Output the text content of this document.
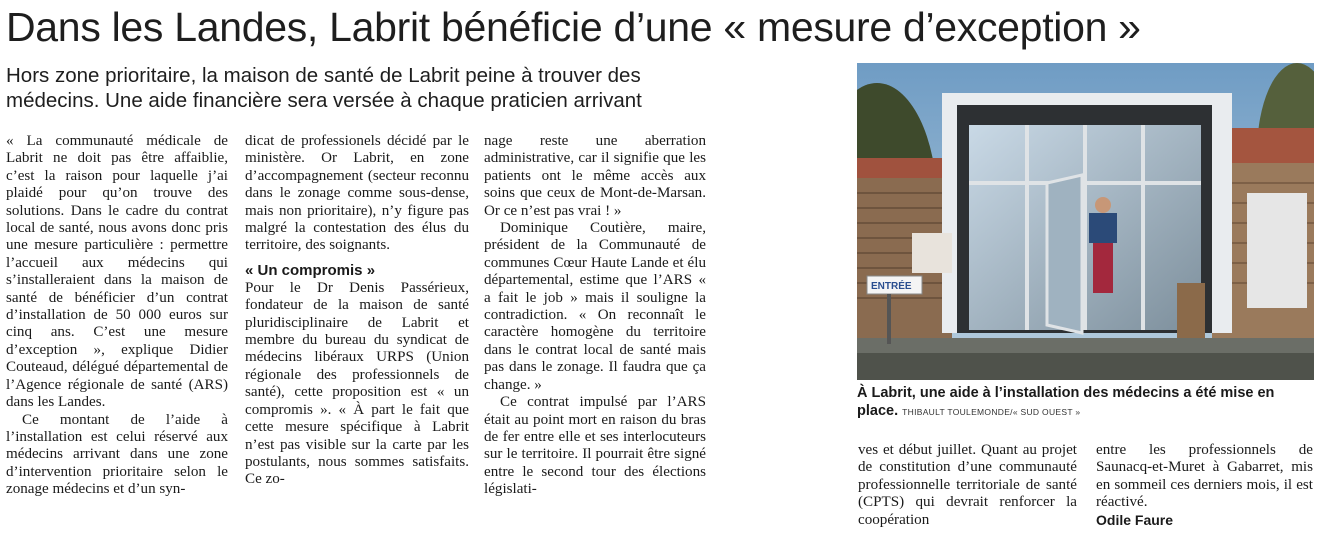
Dans les Landes, Labrit bénéficie d’une « mesure d’exception »
Hors zone prioritaire, la maison de santé de Labrit peine à trouver des médecins. Une aide financière sera versée à chaque praticien arrivant

« La communauté médicale de Labrit ne doit pas être affaiblie, c’est la raison pour laquelle j’ai plaidé pour qu’on trouve des solutions. Dans le cadre du contrat local de santé, nous avons donc pris une mesure particulière : permettre l’accueil aux médecins qui s’installeraient dans la maison de santé de bénéficier d’un contrat d’installation de 50 000 euros sur cinq ans. C’est une mesure d’exception », explique Didier Couteaud, délégué départemental de l’Agence régionale de santé (ARS) dans les Landes.

Ce montant de l’aide à l’installation est celui réservé aux médecins arrivant dans une zone d’intervention prioritaire selon le zonage médecins et d’un syn-

dicat de professionels décidé par le ministère. Or Labrit, en zone d’accompagnement (secteur reconnu dans le zonage comme sous-dense, mais non prioritaire), n’y figure pas malgré la contestation des élus du territoire, des soignants.

« Un compromis »

Pour le Dr Denis Passérieux, fondateur de la maison de santé pluridisciplinaire de Labrit et membre du bureau du syndicat de médecins libéraux URPS (Union régionale des professionnels de santé), cette proposition est « un compromis ». « À part le fait que cette mesure spécifique à Labrit n’est pas visible sur la carte par les postulants, nous sommes satisfaits. Ce zo-

nage reste une aberration administrative, car il signifie que les patients ont le même accès aux soins que ceux de Mont-de-Marsan. Or ce n’est pas vrai ! »

Dominique Coutière, maire, président de la Communauté de communes Cœur Haute Lande et élu départemental, estime que l’ARS « a fait le job » mais il souligne la contradiction. « On reconnaît le caractère homogène du territoire dans le contrat local de santé mais pas dans le zonage. Il faudra que ça change. »

Ce contrat impulsé par l’ARS était au point mort en raison du bras de fer entre elle et ses interlocuteurs sur le territoire. Il pourrait être signé entre le second tour des élections législati-

ENTRÉE
À Labrit, une aide à l’installation des médecins a été mise en place. THIBAULT TOULEMONDE/« SUD OUEST »

ves et début juillet. Quant au projet de constitution d’une communauté professionnelle territoriale de santé (CPTS) qui devrait renforcer la coopération

entre les professionnels de Saunacq-et-Muret à Gabarret, mis en sommeil ces derniers mois, il est réactivé.

Odile Faure
